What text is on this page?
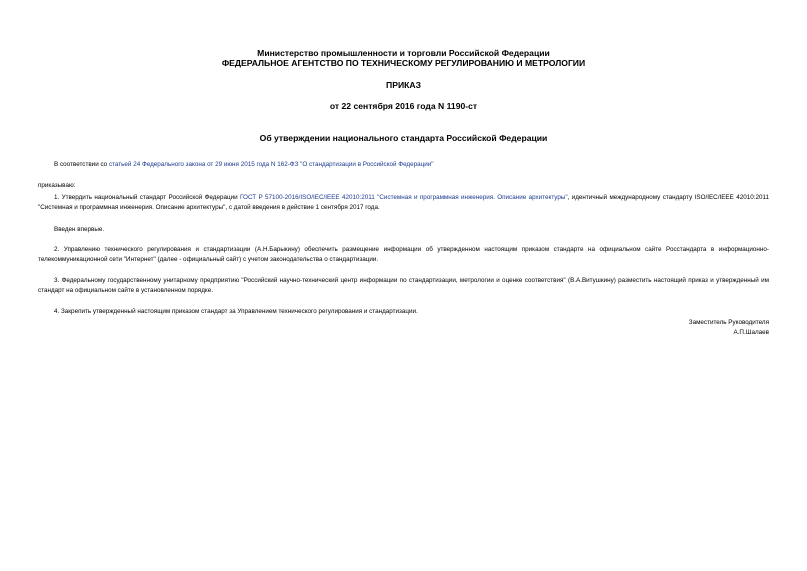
Министерство промышленности и торговли Российской Федерации
ФЕДЕРАЛЬНОЕ АГЕНТСТВО ПО ТЕХНИЧЕСКОМУ РЕГУЛИРОВАНИЮ И МЕТРОЛОГИИ
ПРИКАЗ
от 22 сентября 2016 года N 1190-ст
Об утверждении национального стандарта Российской Федерации
В соответствии со статьей 24 Федерального закона от 29 июня 2015 года N 162-ФЗ "О стандартизации в Российской Федерации"
приказываю:
1. Утвердить национальный стандарт Российской Федерации ГОСТ Р 57100-2016/ISO/IEC/IEEE 42010:2011 "Системная и программная инженерия. Описание архитектуры", идентичный международному стандарту ISO/IEC/IEEE 42010:2011 "Системная и программная инженерия. Описание архитектуры", с датой введения в действие 1 сентября 2017 года.
Введен впервые.
2. Управлению технического регулирования и стандартизации (А.Н.Барыкину) обеспечить размещение информации об утвержденном настоящим приказом стандарте на официальном сайте Росстандарта в информационно-телекоммуникационной сети "Интернет" (далее - официальный сайт) с учетом законодательства о стандартизации.
3. Федеральному государственному унитарному предприятию "Российский научно-технический центр информации по стандартизации, метрологии и оценке соответствия" (В.А.Витушкину) разместить настоящий приказ и утвержденный им стандарт на официальном сайте в установленном порядке.
4. Закрепить утвержденный настоящим приказом стандарт за Управлением технического регулирования и стандартизации.
Заместитель Руководителя
А.П.Шалаев
